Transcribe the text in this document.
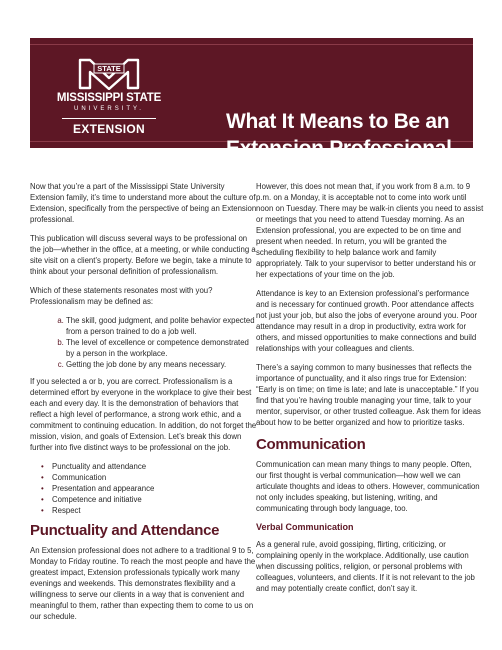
STATE
MISSISSIPPI STATE
UNIVERSITY.
EXTENSION	What It Means to Be an
Extension Professional

Now that you’re a part of the Mississippi State University Extension family, it’s time to understand more about the culture of Extension, specifically from the perspective of being an Extension professional.

This publication will discuss several ways to be professional on the job—whether in the office, at a meeting, or while conducting a site visit on a client’s property. Before we begin, take a minute to think about your personal definition of professionalism.

Which of these statements resonates most with you? Professionalism may be defined as:

a. The skill, good judgment, and polite behavior expected from a person trained to do a job well.
b. The level of excellence or competence demonstrated by a person in the workplace.
c. Getting the job done by any means necessary.

If you selected a or b, you are correct. Professionalism is a determined effort by everyone in the workplace to give their best each and every day. It is the demonstration of behaviors that reflect a high level of performance, a strong work ethic, and a commitment to continuing education. In addition, do not forget the mission, vision, and goals of Extension. Let’s break this down further into five distinct ways to be professional on the job.

• Punctuality and attendance
• Communication
• Presentation and appearance
• Competence and initiative
• Respect
Punctuality and Attendance

An Extension professional does not adhere to a traditional 9 to 5, Monday to Friday routine. To reach the most people and have the greatest impact, Extension professionals typically work many evenings and weekends. This demonstrates flexibility and a willingness to serve our clients in a way that is convenient and meaningful to them, rather than expecting them to come to us on our schedule.

However, this does not mean that, if you work from 8 a.m. to 9 p.m. on a Monday, it is acceptable not to come into work until noon on Tuesday. There may be walk-in clients you need to assist or meetings that you need to attend Tuesday morning. As an Extension professional, you are expected to be on time and present when needed. In return, you will be granted the scheduling flexibility to help balance work and family appropriately. Talk to your supervisor to better understand his or her expectations of your time on the job.

Attendance is key to an Extension professional’s performance and is necessary for continued growth. Poor attendance affects not just your job, but also the jobs of everyone around you. Poor attendance may result in a drop in productivity, extra work for others, and missed opportunities to make connections and build relationships with your colleagues and clients.

There’s a saying common to many businesses that reflects the importance of punctuality, and it also rings true for Extension: “Early is on time; on time is late; and late is unacceptable.” If you find that you’re having trouble managing your time, talk to your mentor, supervisor, or other trusted colleague. Ask them for ideas about how to be better organized and how to prioritize tasks.

Communication

Communication can mean many things to many people. Often, our first thought is verbal communication—how well we can articulate thoughts and ideas to others. However, communication not only includes speaking, but listening, writing, and communicating through body language, too.

Verbal Communication

As a general rule, avoid gossiping, flirting, criticizing, or complaining openly in the workplace. Additionally, use caution when discussing politics, religion, or personal problems with colleagues, volunteers, and clients. If it is not relevant to the job and may potentially create conflict, don’t say it.
